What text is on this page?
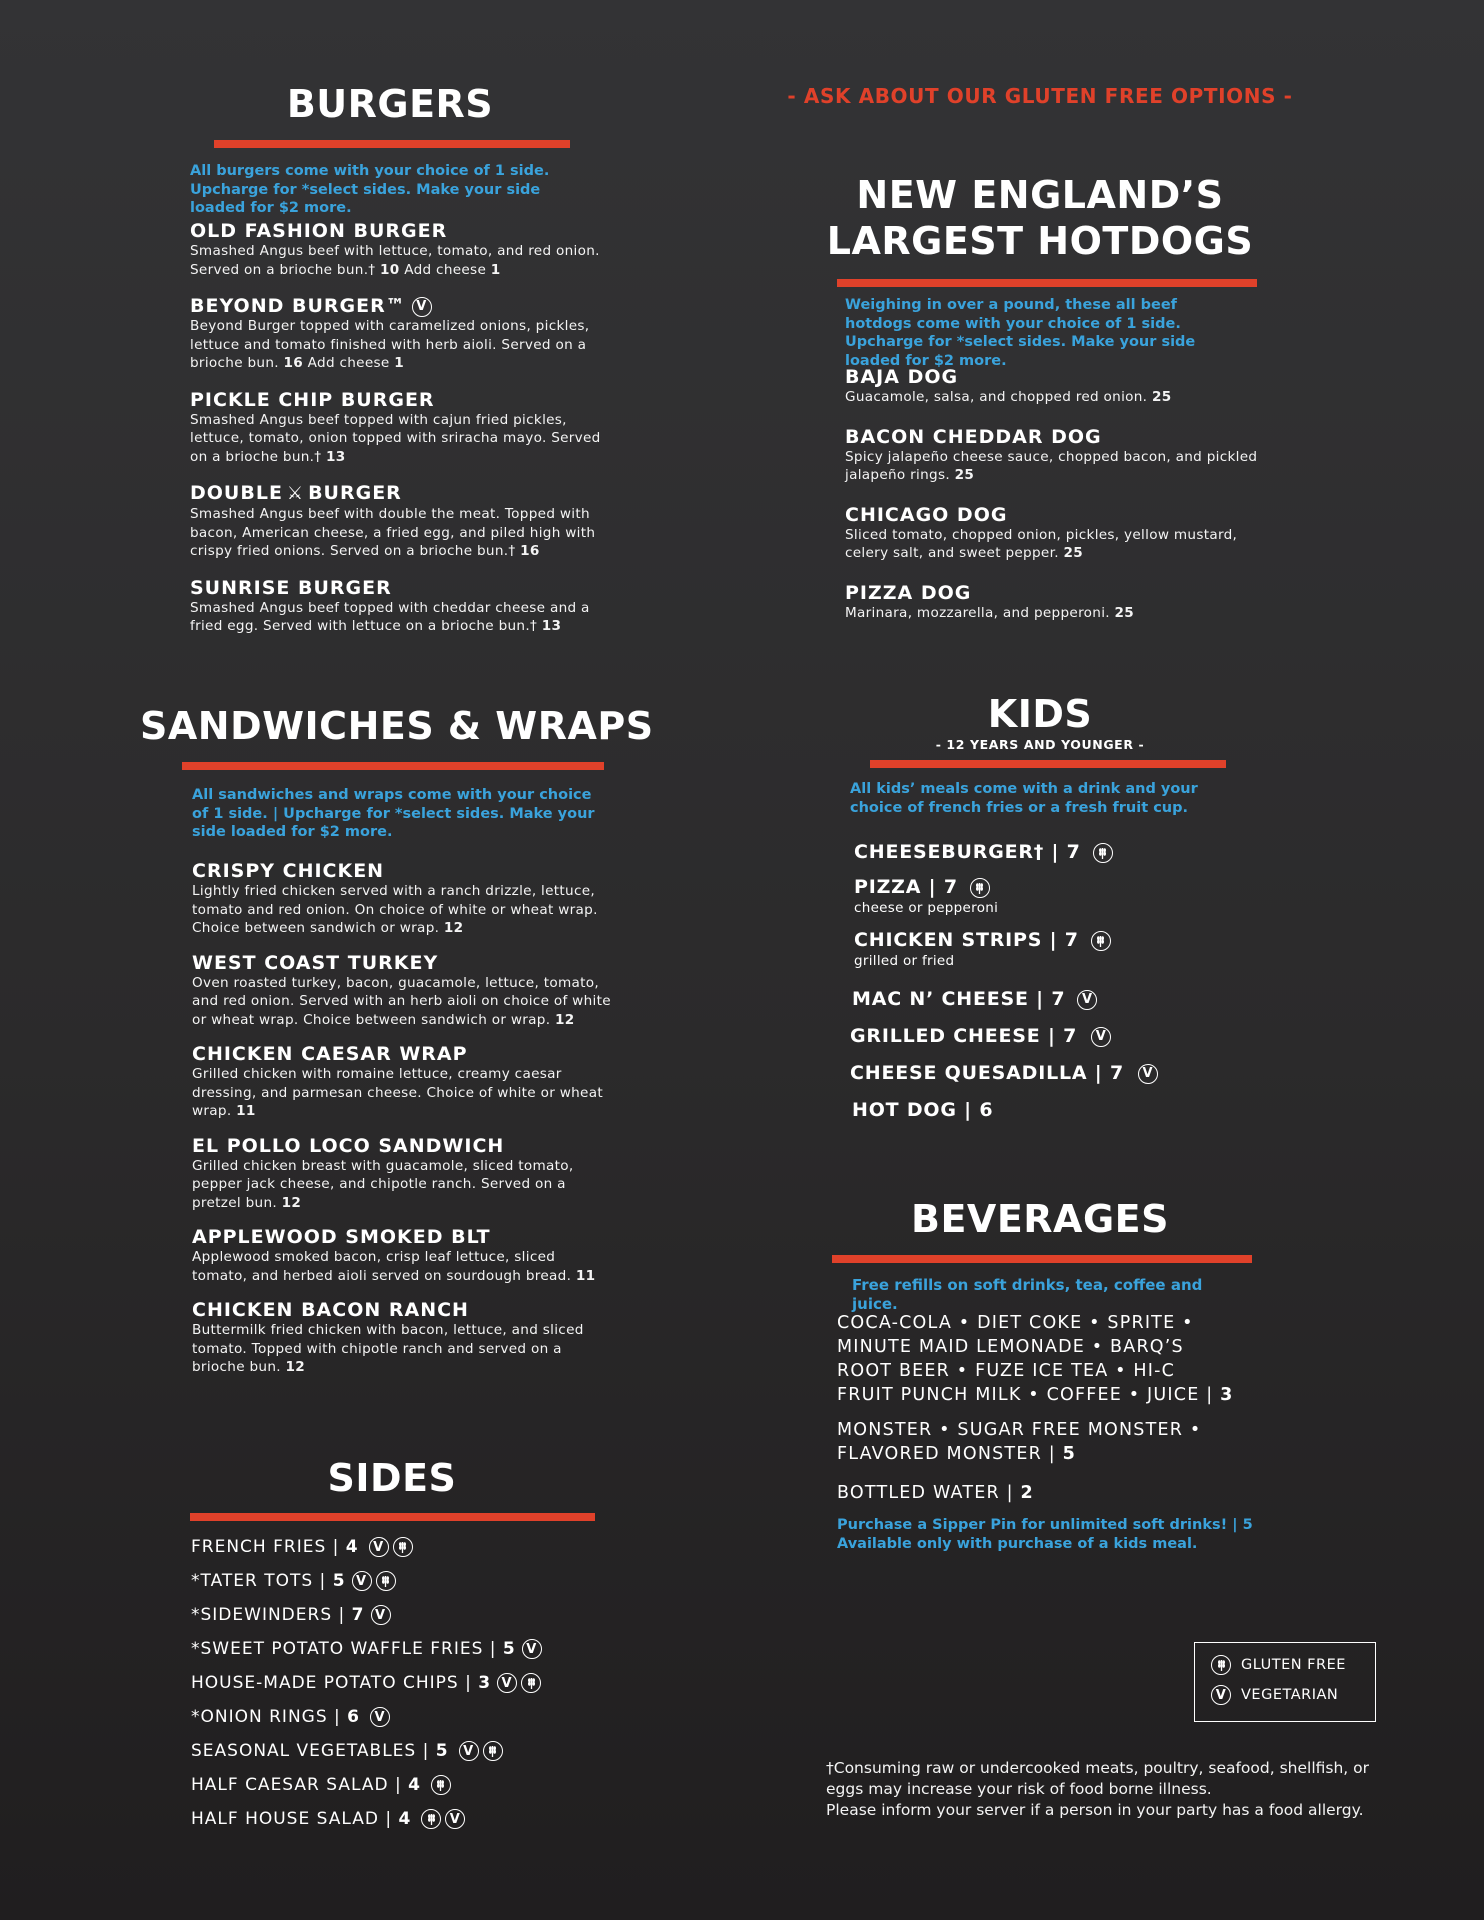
BURGERS
All burgers come with your choice of 1 side. Upcharge for *select sides. Make your side loaded for $2 more.
OLD FASHION BURGER
Smashed Angus beef with lettuce, tomato, and red onion. Served on a brioche bun.† 10 Add cheese 1
BEYOND BURGER™ V
Beyond Burger topped with caramelized onions, pickles, lettuce and tomato finished with herb aioli. Served on a brioche bun. 16 Add cheese 1
PICKLE CHIP BURGER
Smashed Angus beef topped with cajun fried pickles, lettuce, tomato, onion topped with sriracha mayo. Served on a brioche bun.† 13
DOUBLE ⚔ BURGER
Smashed Angus beef with double the meat. Topped with bacon, American cheese, a fried egg, and piled high with crispy fried onions. Served on a brioche bun.† 16
SUNRISE BURGER
Smashed Angus beef topped with cheddar cheese and a fried egg. Served with lettuce on a brioche bun.† 13
- ASK ABOUT OUR GLUTEN FREE OPTIONS -
NEW ENGLAND’S
LARGEST HOTDOGS
Weighing in over a pound, these all beef hotdogs come with your choice of 1 side. Upcharge for *select sides. Make your side loaded for $2 more.
BAJA DOG
Guacamole, salsa, and chopped red onion. 25
BACON CHEDDAR DOG
Spicy jalapeño cheese sauce, chopped bacon, and pickled jalapeño rings. 25
CHICAGO DOG
Sliced tomato, chopped onion, pickles, yellow mustard, celery salt, and sweet pepper. 25
PIZZA DOG
Marinara, mozzarella, and pepperoni. 25
SANDWICHES & WRAPS
All sandwiches and wraps come with your choice of 1 side. | Upcharge for *select sides. Make your side loaded for $2 more.
CRISPY CHICKEN
Lightly fried chicken served with a ranch drizzle, lettuce, tomato and red onion. On choice of white or wheat wrap. Choice between sandwich or wrap. 12
WEST COAST TURKEY
Oven roasted turkey, bacon, guacamole, lettuce, tomato, and red onion. Served with an herb aioli on choice of white or wheat wrap. Choice between sandwich or wrap. 12
CHICKEN CAESAR WRAP
Grilled chicken with romaine lettuce, creamy caesar dressing, and parmesan cheese. Choice of white or wheat wrap. 11
EL POLLO LOCO SANDWICH
Grilled chicken breast with guacamole, sliced tomato, pepper jack cheese, and chipotle ranch. Served on a pretzel bun. 12
APPLEWOOD SMOKED BLT
Applewood smoked bacon, crisp leaf lettuce, sliced tomato, and herbed aioli served on sourdough bread. 11
CHICKEN BACON RANCH
Buttermilk fried chicken with bacon, lettuce, and sliced tomato. Topped with chipotle ranch and served on a brioche bun. 12
KIDS
- 12 YEARS AND YOUNGER -
All kids’ meals come with a drink and your choice of french fries or a fresh fruit cup.
CHEESEBURGER† | 7
PIZZA | 7
cheese or pepperoni
CHICKEN STRIPS | 7
grilled or fried
MAC N’ CHEESE | 7 V
GRILLED CHEESE | 7 V
CHEESE QUESADILLA | 7 V
HOT DOG | 6
BEVERAGES
Free refills on soft drinks, tea, coffee and juice.
COCA-COLA • DIET COKE • SPRITE • MINUTE MAID LEMONADE • BARQ’S ROOT BEER • FUZE ICE TEA • HI-C FRUIT PUNCH MILK • COFFEE • JUICE | 3
MONSTER • SUGAR FREE MONSTER • FLAVORED MONSTER | 5
BOTTLED WATER | 2
Purchase a Sipper Pin for unlimited soft drinks! | 5
Available only with purchase of a kids meal.
SIDES
FRENCH FRIES | 4 V
*TATER TOTS | 5 V
*SIDEWINDERS | 7 V
*SWEET POTATO WAFFLE FRIES | 5 V
HOUSE-MADE POTATO CHIPS | 3 V
*ONION RINGS | 6 V
SEASONAL VEGETABLES | 5 V
HALF CAESAR SALAD | 4
HALF HOUSE SALAD | 4	V
GLUTEN FREE
V VEGETARIAN
†Consuming raw or undercooked meats, poultry, seafood, shellfish, or eggs may increase your risk of food borne illness.
Please inform your server if a person in your party has a food allergy.
